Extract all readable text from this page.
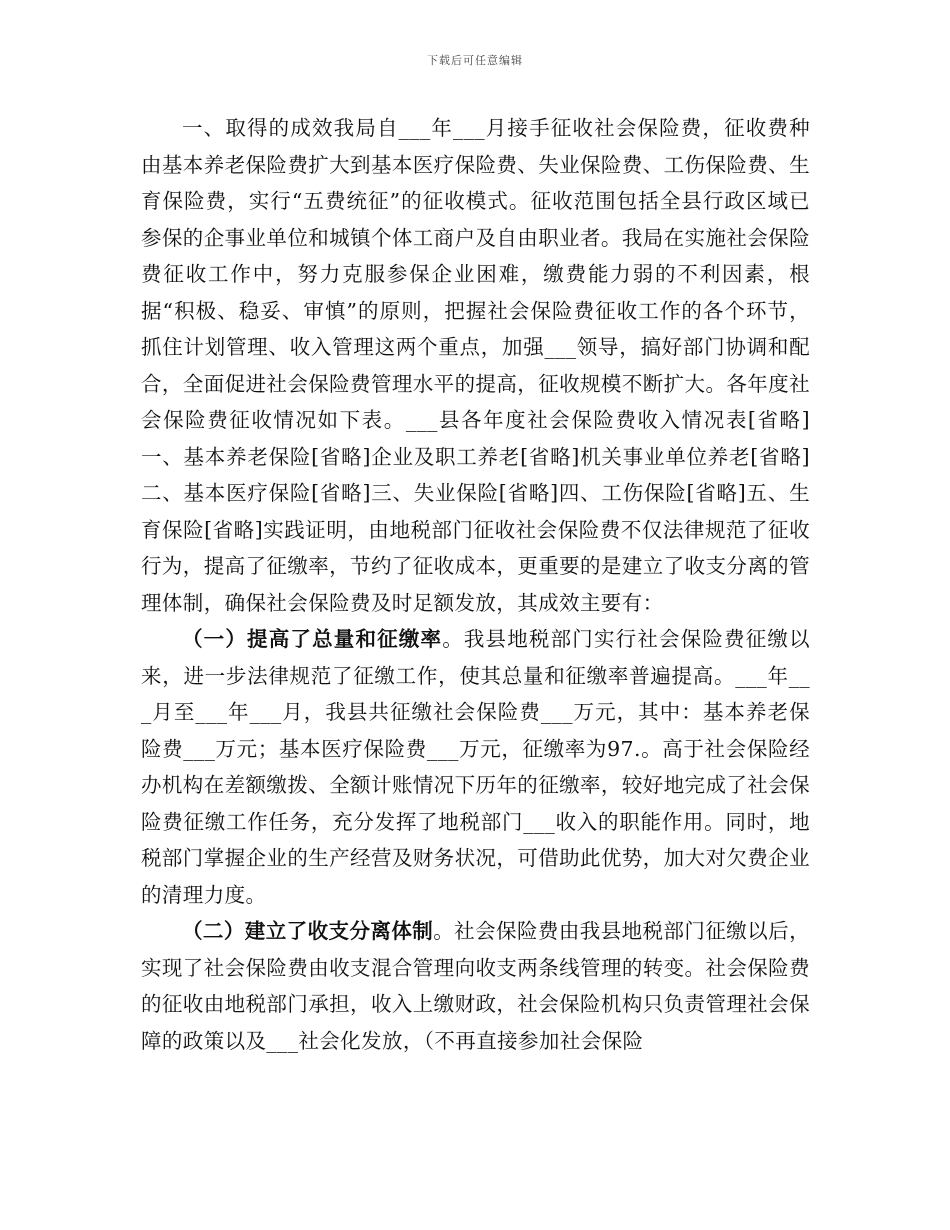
下载后可任意编辑

一、取得的成效我局自___年___月接手征收社会保险费，征收费种由基本养老保险费扩大到基本医疗保险费、失业保险费、工伤保险费、生育保险费，实行“五费统征”的征收模式。征收范围包括全县行政区域已参保的企事业单位和城镇个体工商户及自由职业者。我局在实施社会保险费征收工作中，努力克服参保企业困难，缴费能力弱的不利因素，根据“积极、稳妥、审慎”的原则，把握社会保险费征收工作的各个环节，抓住计划管理、收入管理这两个重点，加强___领导，搞好部门协调和配合，全面促进社会保险费管理水平的提高，征收规模不断扩大。各年度社会保险费征收情况如下表。___县各年度社会保险费收入情况表[省略]一、基本养老保险[省略]企业及职工养老[省略]机关事业单位养老[省略]二、基本医疗保险[省略]三、失业保险[省略]四、工伤保险[省略]五、生育保险[省略]实践证明，由地税部门征收社会保险费不仅法律规范了征收行为，提高了征缴率，节约了征收成本，更重要的是建立了收支分离的管理体制，确保社会保险费及时足额发放，其成效主要有：

（一）提高了总量和征缴率。我县地税部门实行社会保险费征缴以来，进一步法律规范了征缴工作，使其总量和征缴率普遍提高。___年___月至___年___月，我县共征缴社会保险费___万元，其中：基本养老保险费___万元；基本医疗保险费___万元，征缴率为97.。高于社会保险经办机构在差额缴拨、全额计账情况下历年的征缴率，较好地完成了社会保险费征缴工作任务，充分发挥了地税部门___收入的职能作用。同时，地税部门掌握企业的生产经营及财务状况，可借助此优势，加大对欠费企业的清理力度。

（二）建立了收支分离体制。社会保险费由我县地税部门征缴以后，实现了社会保险费由收支混合管理向收支两条线管理的转变。社会保险费的征收由地税部门承担，收入上缴财政，社会保险机构只负责管理社会保障的政策以及___社会化发放，（不再直接参加社会保险
